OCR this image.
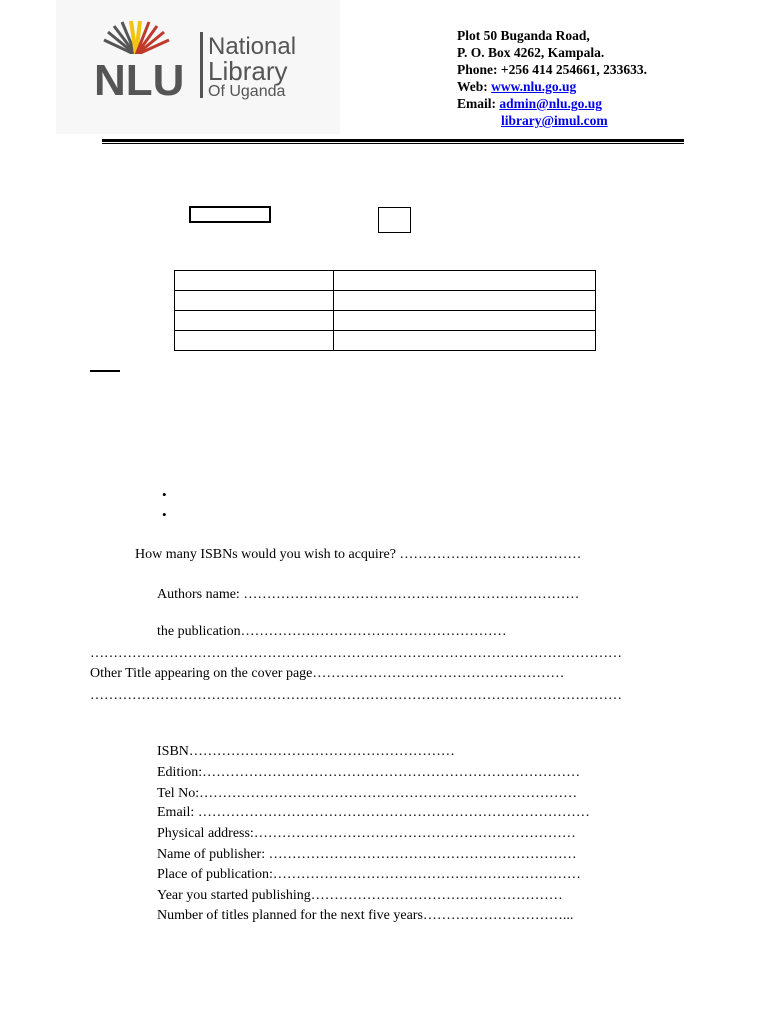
NLU
National
Library
Of Uganda
Plot 50 Buganda Road,
P. O. Box 4262, Kampala.
Phone: +256 414 254661, 233633.
Web: www.nlu.go.ug
Email: admin@nlu.go.ug
library@imul.com

•
•
How many ISBNs would you wish to acquire? …………………………………
Authors name: ………………………………………………………………
the publication…………………………………………………
……………………………………………………………………………………………………
Other Title appearing on the cover page………………………………………………
……………………………………………………………………………………………………
ISBN…………………………………………………
Edition:………………………………………………………………………
Tel No:………………………………………………………………………
Email: …………………………………………………………………………
Physical address:……………………………………………………………
Name of publisher: …………………………………………………………
Place of publication:…………………………………………………………
Year you started publishing………………………………………………
Number of titles planned for the next five years…………………………...
